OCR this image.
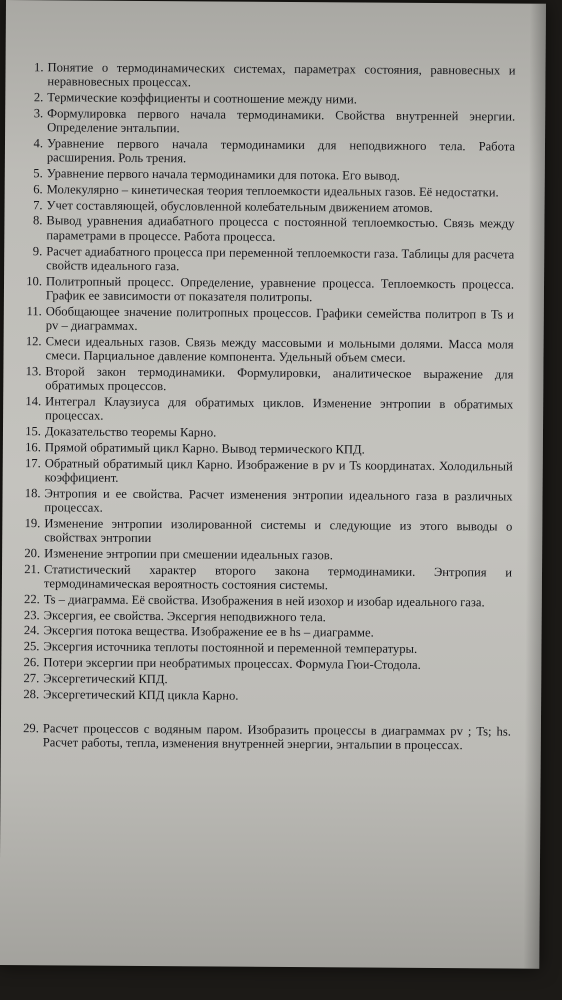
1. Понятие о термодинамических системах, параметрах состояния, равновесных и неравновесных процессах.
2. Термические коэффициенты и соотношение между ними.
3. Формулировка первого начала термодинамики. Свойства внутренней энергии. Определение энтальпии.
4. Уравнение первого начала термодинамики для неподвижного тела. Работа расширения. Роль трения.
5. Уравнение первого начала термодинамики для потока. Его вывод.
6. Молекулярно – кинетическая теория теплоемкости идеальных газов. Её недостатки.
7. Учет составляющей, обусловленной колебательным движением атомов.
8. Вывод уравнения адиабатного процесса с постоянной теплоемкостью. Связь между параметрами в процессе. Работа процесса.
9. Расчет адиабатного процесса при переменной теплоемкости газа. Таблицы для расчета свойств идеального газа.
10. Политропный процесс. Определение, уравнение процесса. Теплоемкость процесса. График ее зависимости от показателя политропы.
11. Обобщающее значение политропных процессов. Графики семейства политроп в Ts и pv – диаграммах.
12. Смеси идеальных газов. Связь между массовыми и мольными долями. Масса моля смеси. Парциальное давление компонента. Удельный объем смеси.
13. Второй закон термодинамики. Формулировки, аналитическое выражение для обратимых процессов.
14. Интеграл Клаузиуса для обратимых циклов. Изменение энтропии в обратимых процессах.
15. Доказательство теоремы Карно.
16. Прямой обратимый цикл Карно. Вывод термического КПД.
17. Обратный обратимый цикл Карно. Изображение в pv и Ts координатах. Холодильный коэффициент.
18. Энтропия и ее свойства. Расчет изменения энтропии идеального газа в различных процессах.
19. Изменение энтропии изолированной системы и следующие из этого выводы о свойствах энтропии
20. Изменение энтропии при смешении идеальных газов.
21. Статистический характер второго закона термодинамики. Энтропия и термодинамическая вероятность состояния системы.
22. Ts – диаграмма. Её свойства. Изображения в ней изохор и изобар идеального газа.
23. Эксергия, ее свойства. Эксергия неподвижного тела.
24. Эксергия потока вещества. Изображение ее в hs – диаграмме.
25. Эксергия источника теплоты постоянной и переменной температуры.
26. Потери эксергии при необратимых процессах. Формула Гюи-Стодола.
27. Эксергетический КПД.
28. Эксергетический КПД цикла Карно.
29. Расчет процессов с водяным паром. Изобразить процессы в диаграммах pv ; Ts; hs. Расчет работы, тепла, изменения внутренней энергии, энтальпии в процессах.
